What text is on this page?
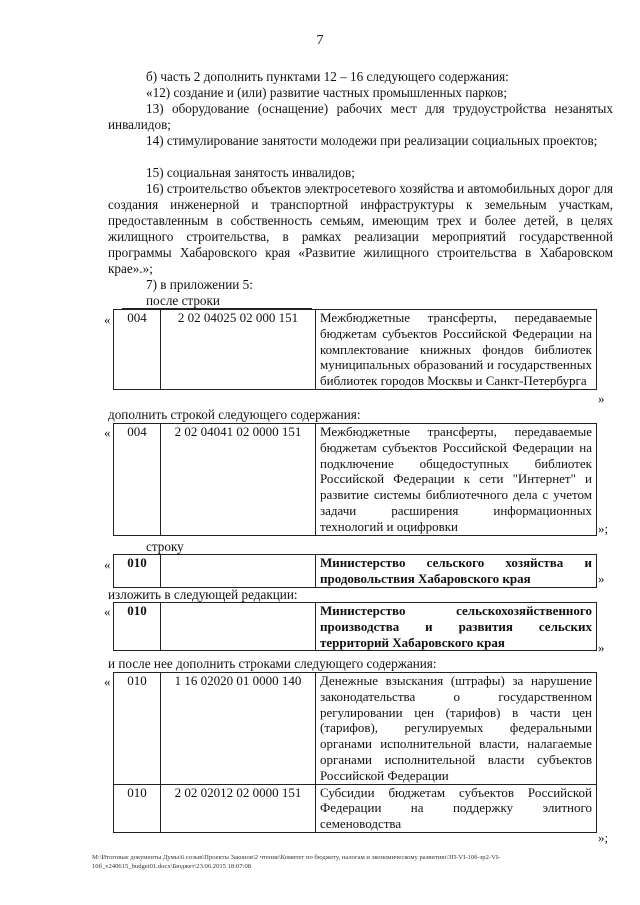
7
б) часть 2 дополнить пунктами 12 – 16 следующего содержания:
«12) создание и (или) развитие частных промышленных парков;
13) оборудование (оснащение) рабочих мест для трудоустройства незанятых инвалидов;
14) стимулирование занятости молодежи при реализации социальных проектов;
15) социальная занятость инвалидов;
16) строительство объектов электросетевого хозяйства и автомобильных дорог для создания инженерной и транспортной инфраструктуры к земельным участкам, предоставленным в собственность семьям, имеющим трех и более детей, в целях жилищного строительства, в рамках реализации мероприятий государственной программы Хабаровского края «Развитие жилищного строительства в Хабаровском крае».»;
7) в приложении 5:
после строки
« 004	2 02 04025 02 000 151	Межбюджетные трансферты, передаваемые бюджетам субъектов Российской Федерации на комплектование книжных фондов библиотек муниципальных образований и государственных библиотек городов Москвы и Санкт-Петербурга
»
дополнить строкой следующего содержания:
« 004	2 02 04041 02 0000 151	Межбюджетные трансферты, передаваемые бюджетам субъектов Российской Федерации на подключение общедоступных библиотек Российской Федерации к сети "Интернет" и развитие системы библиотечного дела с учетом задачи расширения информационных технологий и оцифровки	»;
строку
« 010		Министерство сельского хозяйства и продовольствия Хабаровского края	»
изложить в следующей редакции:
« 010		Министерство сельскохозяйственного производства и развития сельских территорий Хабаровского края	»
и после нее дополнить строками следующего содержания:
« 010	1 16 02020 01 0000 140	Денежные взыскания (штрафы) за нарушение законодательства о государственном регулировании цен (тарифов) в части цен (тарифов), регулируемых федеральными органами исполнительной власти, налагаемые органами исполнительной власти субъектов Российской Федерации
010	2 02 02012 02 0000 151	Субсидии бюджетам субъектов Российской Федерации на поддержку элитного семеноводства
»;
M:\Итоговые документы Думы\6 созыв\Проекты Законов\2 чтение\Комитет по бюджету, налогам и экономическому развитию\ЗП-VI-10б-зр2-VI-10б_v240615_budget01.docx\Бюджет\23.06.2015 18:07:08
